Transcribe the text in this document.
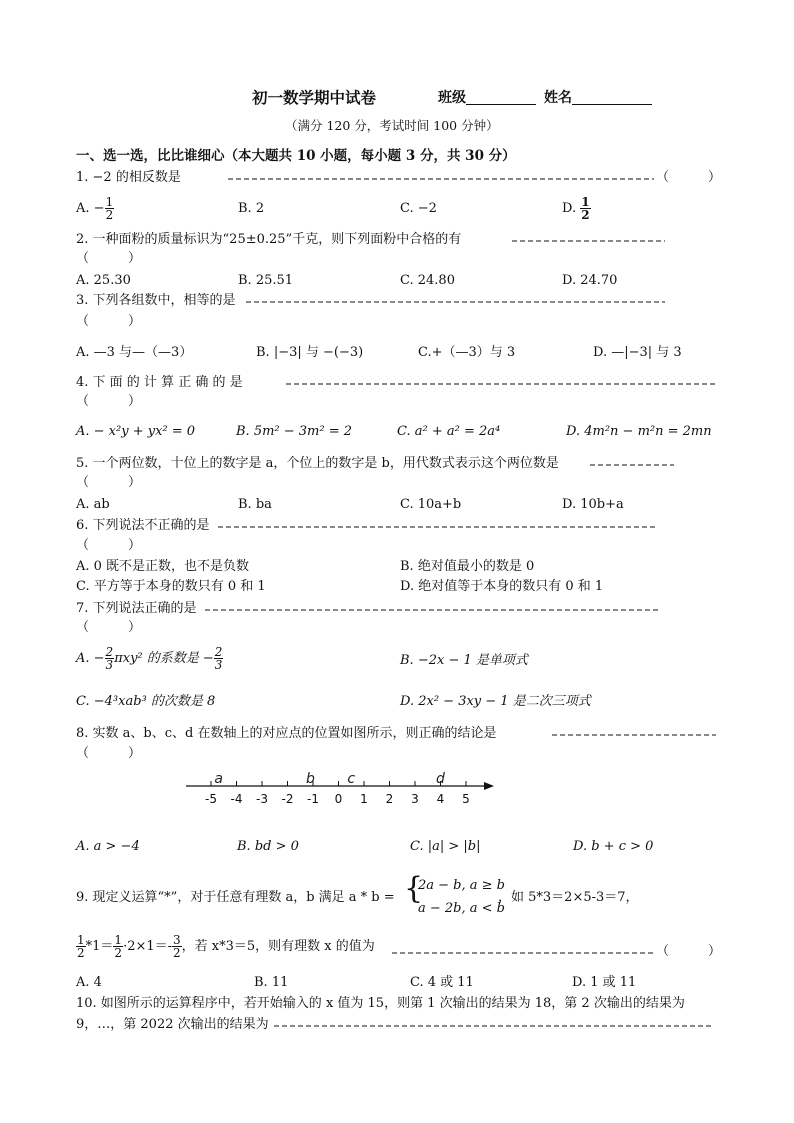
初一数学期中试卷	班级	姓名
（满分 120 分，考试时间 100 分钟）
一、选一选，比比谁细心（本大题共 10 小题，每小题 3 分，共 30 分）
1. −2 的相反数是	（　　　）
A. − $\frac{1}{2}$	B. 2	C. −2	D. $\frac{1}{2}$
2. 一种面粉的质量标识为“25±0.25”千克，则下列面粉中合格的有
（　　　）
A. 25.30	B. 25.51	C. 24.80	D. 24.70
3. 下列各组数中，相等的是
（　　　）
A. —3 与—（—3）	B. |−3| 与 −(−3)	C.+（—3）与 3	D. —|−3| 与 3
4. 下 面 的 计 算 正 确 的 是
（　　　）
A. − x²y + yx² = 0	B. 5m² − 3m² = 2	C. a² + a² = 2a⁴	D. 4m²n − m²n = 2mn
5. 一个两位数，十位上的数字是 a，个位上的数字是 b，用代数式表示这个两位数是
（　　　）
A. ab	B. ba	C. 10a+b	D. 10b+a
6. 下列说法不正确的是
（　　　）
A. 0 既不是正数，也不是负数	B. 绝对值最小的数是 0
C. 平方等于本身的数只有 0 和 1	D. 绝对值等于本身的数只有 0 和 1
7. 下列说法正确的是
（　　　）
A. − $\frac{2}{3} \pi xy^2$ 的系数是 − $\frac{2}{3}$	B. −2x − 1 是单项式
C. −4³xab³ 的次数是 8	D. 2x² − 3xy − 1 是二次三项式
8. 实数 a、b、c、d 在数轴上的对应点的位置如图所示，则正确的结论是
（　　　）
-5 -4 -3 -2 -1 0 1 2 3 4 5
a	b c	d
A. a > −4	B. bd > 0	C. |a| > |b|	D. b + c > 0
9. 现定义运算“*”，对于任意有理数 a，b 满足 a * b = {
2a − b, a ≥ b
a − 2b, a < b
，如 5*3＝2×5-3＝7，
$\frac{1}{2} *1= \frac{1}{2} \cdot 2\times 1=- \frac{3}{2}$ ，若 x*3＝5，则有理数 x 的值为	（　　　）
A. 4	B. 11	C. 4 或 11	D. 1 或 11
10. 如图所示的运算程序中，若开始输入的 x 值为 15，则第 1 次输出的结果为 18，第 2 次输出的结果为
9，…，第 2022 次输出的结果为
